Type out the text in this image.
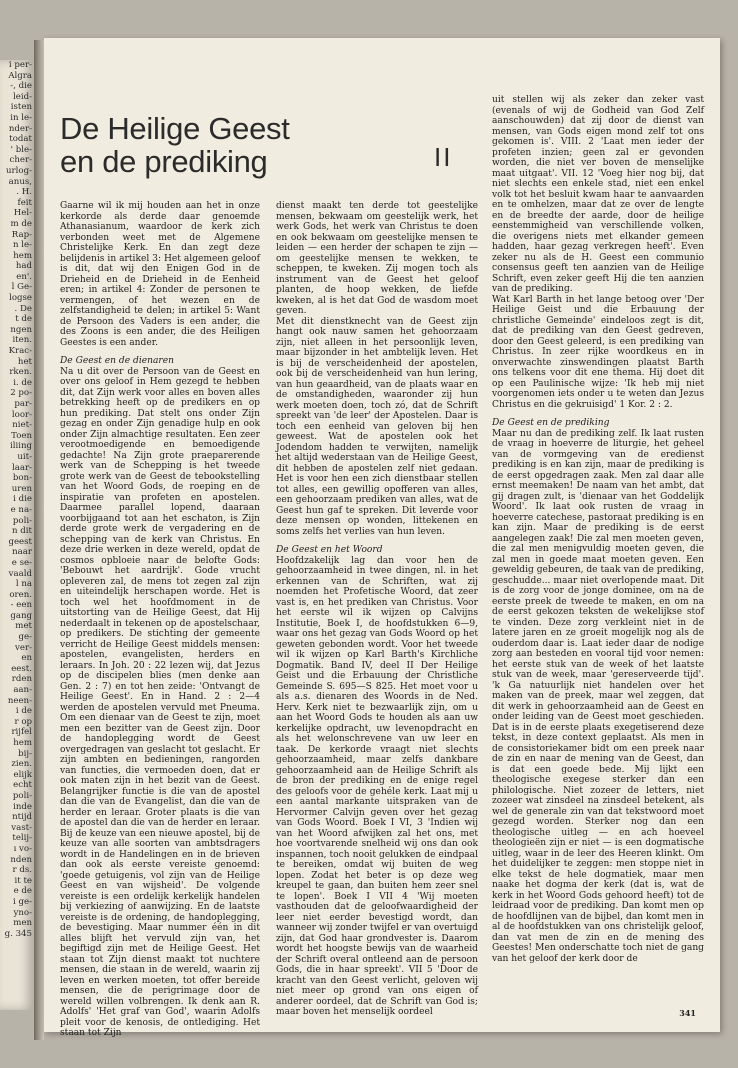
i per-
Algra
-, die
leid-
isten
in le-
nder-
todat
' ble-
cher-
urlog-
anus,
. H.
feit
Hel-
m de
Rap-
n le-
hem
had
en'.
l Ge-
logse
. De
t de
ngen
iten.
Krac-
het
rken.
i. de
2 po-
par-
loor-
niet-
Toen
iliing
uit-
laar-
bon-
uren
i die
e na-
poli-
n dit
geest
naar
e se-
vaald
l na
oren.
- een
gang
met
ge-
ver-
en
eest.
rden
aan-
neen-
i de
r op
rijfel
hem
bij-
zien.
elijk
echt
poli-
inde
ntijd
vast-
telij-
ı vo-
nden
r ds.
it te
e de
i ge-
yno-
men
g. 345
De Heilige Geest
en de prediking	II

Gaarne wil ik mij houden aan het in onze kerkorde als derde daar genoemde Athanasianum, waardoor de kerk zich verbonden weet met de Algemene Christelijke Kerk. En dan zegt deze belijdenis in artikel 3: Het algemeen geloof is dit, dat wij den Enigen God in de Drieheid en de Drieheid in de Eenheid eren; in artikel 4: Zonder de personen te vermengen, of het wezen en de zelfstandigheid te delen; in artikel 5: Want de Persoon des Vaders is een ander, die des Zoons is een ander, die des Heiligen Geestes is een ander.

De Geest en de dienaren

Na u dit over de Persoon van de Geest en over ons geloof in Hem gezegd te hebben dit, dat Zijn werk voor alles en boven alles betrekking heeft op de predikers en op hun prediking. Dat stelt ons onder Zijn gezag en onder Zijn genadige hulp en ook onder Zijn almachtige resultaten. Een zeer verootmoedigende en bemoedigende gedachte! Na Zijn grote praeparerende werk van de Schepping is het tweede grote werk van de Geest de tebookstelling van het Woord Gods, de roeping en de inspiratie van profeten en apostelen. Daarmee parallel lopend, daaraan voorbijgaand tot aan het eschaton, is Zijn derde grote werk de vergadering en de schepping van de kerk van Christus. En deze drie werken in deze wereld, opdat de cosmos opbloeie naar de belofte Gods: 'Bebouwt het aardrijk'. Gode vrucht opleveren zal, de mens tot zegen zal zijn en uiteindelijk herschapen worde. Het is toch wel het hoofdmoment in de uitstorting van de Heilige Geest, dat Hij nederdaalt in tekenen op de apostelschaar, op predikers. De stichting der gemeente verricht de Heilige Geest middels mensen: apostelen, evangelisten, herders en leraars. In Joh. 20 : 22 lezen wij, dat Jezus op de discipelen blies (men denke aan Gen. 2 : 7) en tot hen zeide: 'Ontvangt de Heilige Geest'. En in Hand. 2 : 2—4 werden de apostelen vervuld met Pneuma. Om een dienaar van de Geest te zijn, moet men een bezitter van de Geest zijn. Door de handoplegging wordt de Geest overgedragen van geslacht tot geslacht. Er zijn ambten en bedieningen, rangorden van functies, die vermoeden doen, dat er ook maten zijn in het bezit van de Geest. Belangrijker functie is die van de apostel dan die van de Evangelist, dan die van de herder en leraar. Groter plaats is die van de apostel dan die van de herder en leraar. Bij de keuze van een nieuwe apostel, bij de keuze van alle soorten van ambtsdragers wordt in de Handelingen en in de brieven dan ook als eerste vereiste genoemd: 'goede getuigenis, vol zijn van de Heilige Geest en van wijsheid'. De volgende vereiste is een ordelijk kerkelijk handelen bij verkiezing of aanwijzing. En de laatste vereiste is de ordening, de handoplegging, de bevestiging. Maar nummer één in dit alles blijft het vervuld zijn van, het begiftigd zijn met de Heilige Geest. Het staan tot Zijn dienst maakt tot nuchtere mensen, die staan in de wereld, waarin zij leven en werken moeten, tot offer bereide mensen, die de perigrimage door de wereld willen volbrengen. Ik denk aan R. Adolfs' 'Het graf van God', waarin Adolfs pleit voor de kenosis, de ontlediging. Het staan tot Zijn

dienst maakt ten derde tot geestelijke mensen, bekwaam om geestelijk werk, het werk Gods, het werk van Christus te doen en ook bekwaam om geestelijke mensen te leiden — een herder der schapen te zijn — om geestelijke mensen te wekken, te scheppen, te kweken. Zij mogen toch als instrument van de Geest het geloof planten, de hoop wekken, de liefde kweken, al is het dat God de wasdom moet geven.

Met dit dienstknecht van de Geest zijn hangt ook nauw samen het gehoorzaam zijn, niet alleen in het persoonlijk leven, maar bijzonder in het ambtelijk leven. Het is bij de verscheidenheid der apostelen, ook bij de verscheidenheid van hun lering, van hun geaardheid, van de plaats waar en de omstandigheden, waaronder zij hun werk moeten doen, toch zó, dat de Schrift spreekt van 'de leer' der Apostelen. Daar is toch een eenheid van geloven bij hen geweest. Wat de apostelen ook het Jodendom hadden te verwijten, namelijk het altijd wederstaan van de Heilige Geest, dit hebben de apostelen zelf niet gedaan. Het is voor hen een zich dienstbaar stellen tot alles, een gewillig opofferen van alles, een gehoorzaam prediken van alles, wat de Geest hun gaf te spreken. Dit leverde voor deze mensen op wonden, littekenen en soms zelfs het verlies van hun leven.

De Geest en het Woord

Hoofdzakelijk lag dan voor hen de gehoorzaamheid in twee dingen, nl. in het erkennen van de Schriften, wat zij noemden het Profetische Woord, dat zeer vast is, en het prediken van Christus. Voor het eerste wil ik wijzen op Calvijns Institutie, Boek I, de hoofdstukken 6—9, waar ons het gezag van Gods Woord op het geweten gebonden wordt. Voor het tweede wil ik wijzen op Karl Barth's Kirchliche Dogmatik. Band IV, deel II Der Heilige Geist und die Erbauung der Christliche Gemeinde S. 695—S 825. Het moet voor u als a.s. dienaren des Woords in de Ned. Herv. Kerk niet te bezwaarlijk zijn, om u aan het Woord Gods te houden als aan uw kerkelijke opdracht, uw levenopdracht en als het welonschrevene van uw leer en taak. De kerkorde vraagt niet slechts gehoorzaamheid, maar zelfs dankbare gehoorzaamheid aan de Heilige Schrift als de bron der prediking en de enige regel des geloofs voor de gehéle kerk. Laat mij u een aantal markante uitspraken van de Hervormer Calvijn geven over het gezag van Gods Woord. Boek I VI, 3 'Indien wij van het Woord afwijken zal het ons, met hoe voortvarende snelheid wij ons dan ook inspannen, toch nooit gelukken de eindpaal te bereiken, omdat wij buiten de weg lopen. Zodat het beter is op deze weg kreupel te gaan, dan buiten hem zeer snel te lopen'. Boek I VII 4 'Wij moeten vasthouden dat de geloofwaardigheid der leer niet eerder bevestigd wordt, dan wanneer wij zonder twijfel er van overtuigd zijn, dat God haar grondvester is. Daarom wordt het hoogste bewijs van de waarheid der Schrift overal ontleend aan de persoon Gods, die in haar spreekt'. VII 5 'Door de kracht van den Geest verlicht, geloven wij niet meer op grond van ons eigen of anderer oordeel, dat de Schrift van God is; maar boven het menselijk oordeel

uit stellen wij als zeker dan zeker vast (evenals of wij de Godheid van God Zelf aanschouwden) dat zij door de dienst van mensen, van Gods eigen mond zelf tot ons gekomen is'. VIII. 2 'Laat men ieder der profeten inzien; geen zal er gevonden worden, die niet ver boven de menselijke maat uitgaat'. VII. 12 'Voeg hier nog bij, dat niet slechts een enkele stad, niet een enkel volk tot het besluit kwam haar te aanvaarden en te omhelzen, maar dat ze over de lengte en de breedte der aarde, door de heilige eenstemmigheid van verschillende volken, die overigens niets met elkander gemeen hadden, haar gezag verkregen heeft'. Even zeker nu als de H. Geest een communio consensus geeft ten aanzien van de Heilige Schrift, even zeker geeft Hij die ten aanzien van de prediking.

Wat Karl Barth in het lange betoog over 'Der Heilige Geist und die Erbauung der christliche Gemeinde' eindeloos zegt is dit, dat de prediking van den Geest gedreven, door den Geest geleerd, is een prediking van Christus. In zeer rijke woordkeus en in onverwachte zinswendingen plaatst Barth ons telkens voor dit ene thema. Hij doet dit op een Paulinische wijze: 'Ik heb mij niet voorgenomen iets onder u te weten dan Jezus Christus en die gekruisigd' 1 Kor. 2 : 2.

De Geest en de prediking

Maar nu dan de prediking zelf. Ik laat rusten de vraag in hoeverre de liturgie, het geheel van de vormgeving van de eredienst prediking is en kan zijn, maar de prediking is de eerst opgedragen zaak. Men zal daar alle ernst meemaken! De naam van het ambt, dat gij dragen zult, is 'dienaar van het Goddelijk Woord'. Ik laat ook rusten de vraag in hoeverre catechese, pastoraat prediking is en kan zijn. Maar de prediking is de eerst aangelegen zaak! Die zal men moeten geven, die zal men menigvuldig moeten geven, die zal men in goede maat moeten geven. Een geweldig gebeuren, de taak van de prediking, geschudde... maar niet overlopende maat. Dit is de zorg voor de jonge dominee, om na de eerste preek de tweede te maken, en om na de eerst gekozen teksten de wekelijkse stof te vinden. Deze zorg verkleint niet in de latere jaren en ze groeit mogelijk nog als de ouderdom daar is. Laat ieder daar de nodige zorg aan besteden en vooral tijd voor nemen: het eerste stuk van de week of het laatste stuk van de week, maar 'gereserveerde tijd'. 'k Ga natuurlijk niet handelen over het maken van de preek, maar wel zeggen, dat dit werk in gehoorzaamheid aan de Geest en onder leiding van de Geest moet geschieden. Dat is in de eerste plaats exegetiserend deze tekst, in deze context geplaatst. Als men in de consistoriekamer bidt om een preek naar de zin en naar de mening van de Geest, dan is dat een goede bede. Mij lijkt een theologische exegese sterker dan een philologische. Niet zozeer de letters, niet zozeer wat zinsdeel na zinsdeel betekent, als wel de generale zin van dat tekstwoord moet gezegd worden. Sterker nog dan een theologische uitleg — en ach hoeveel theologieën zijn er niet — is een dogmatische uitleg, waar in de leer des Heeren klinkt. Om het duidelijker te zeggen: men stoppe niet in elke tekst de hele dogmatiek, maar men naake het dogma der kerk (dat is, wat de kerk in het Woord Gods gehoord heeft) tot de leidraad voor de prediking. Dan komt men op de hoofdlijnen van de bijbel, dan komt men in al de hoofdstukken van ons christelijk geloof, dan vat men de zin en de mening des Geestes! Men onderschatte toch niet de gang van het geloof der kerk door de

341
